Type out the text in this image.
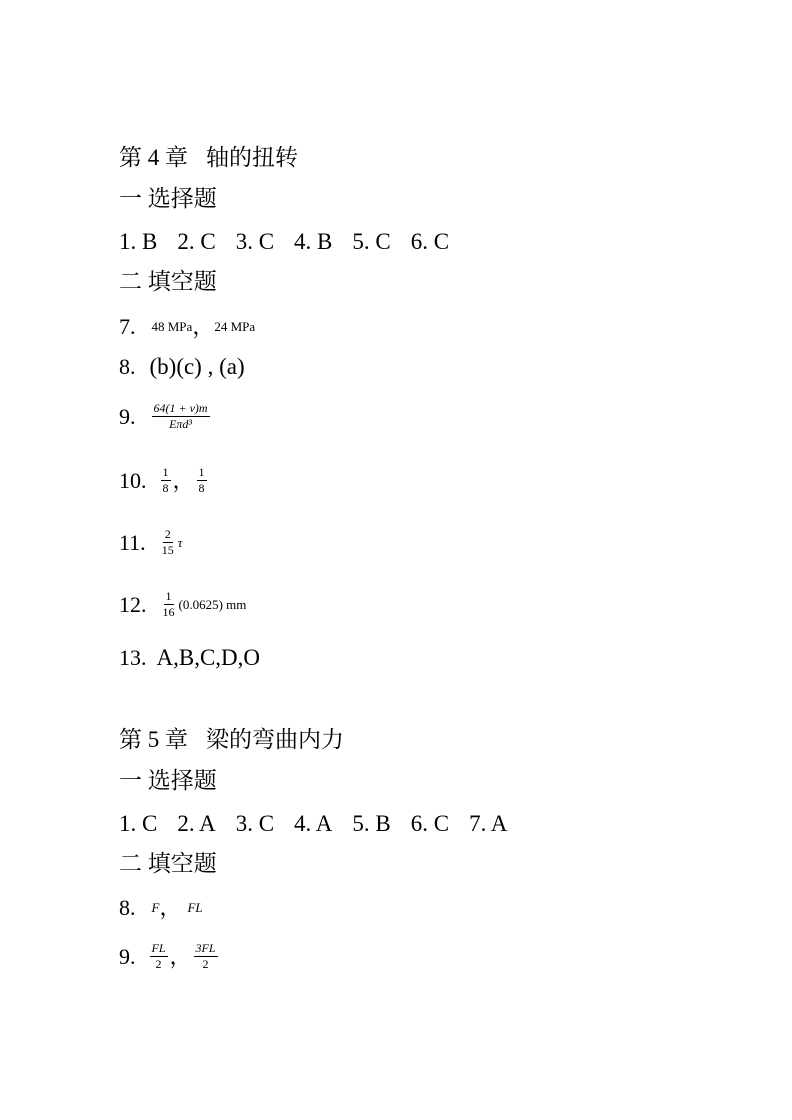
第 4 章 轴的扭转
一 选择题
1. B 2. C 3. C 4. B 5. C 6. C
二 填空题
7. 48 MPa ， 24 MPa
8. (b)(c) , (a)
9. $\frac{64(1 + \nu)m}{\text{Eπd³}}$
10. $\frac{1}{8}$ ， $\frac{1}{8}$
11. $\frac{2}{15}$ τ
12. $\frac{1}{16} (0.0625)$ mm
13. A,B,C,D,O
第 5 章 梁的弯曲内力
一 选择题
1. C 2. A 3. C 4. A 5. B 6. C 7. A
二 填空题
8. F ， FL
9. $\frac{FL}{2}$ ， $\frac{3FL}{2}$
